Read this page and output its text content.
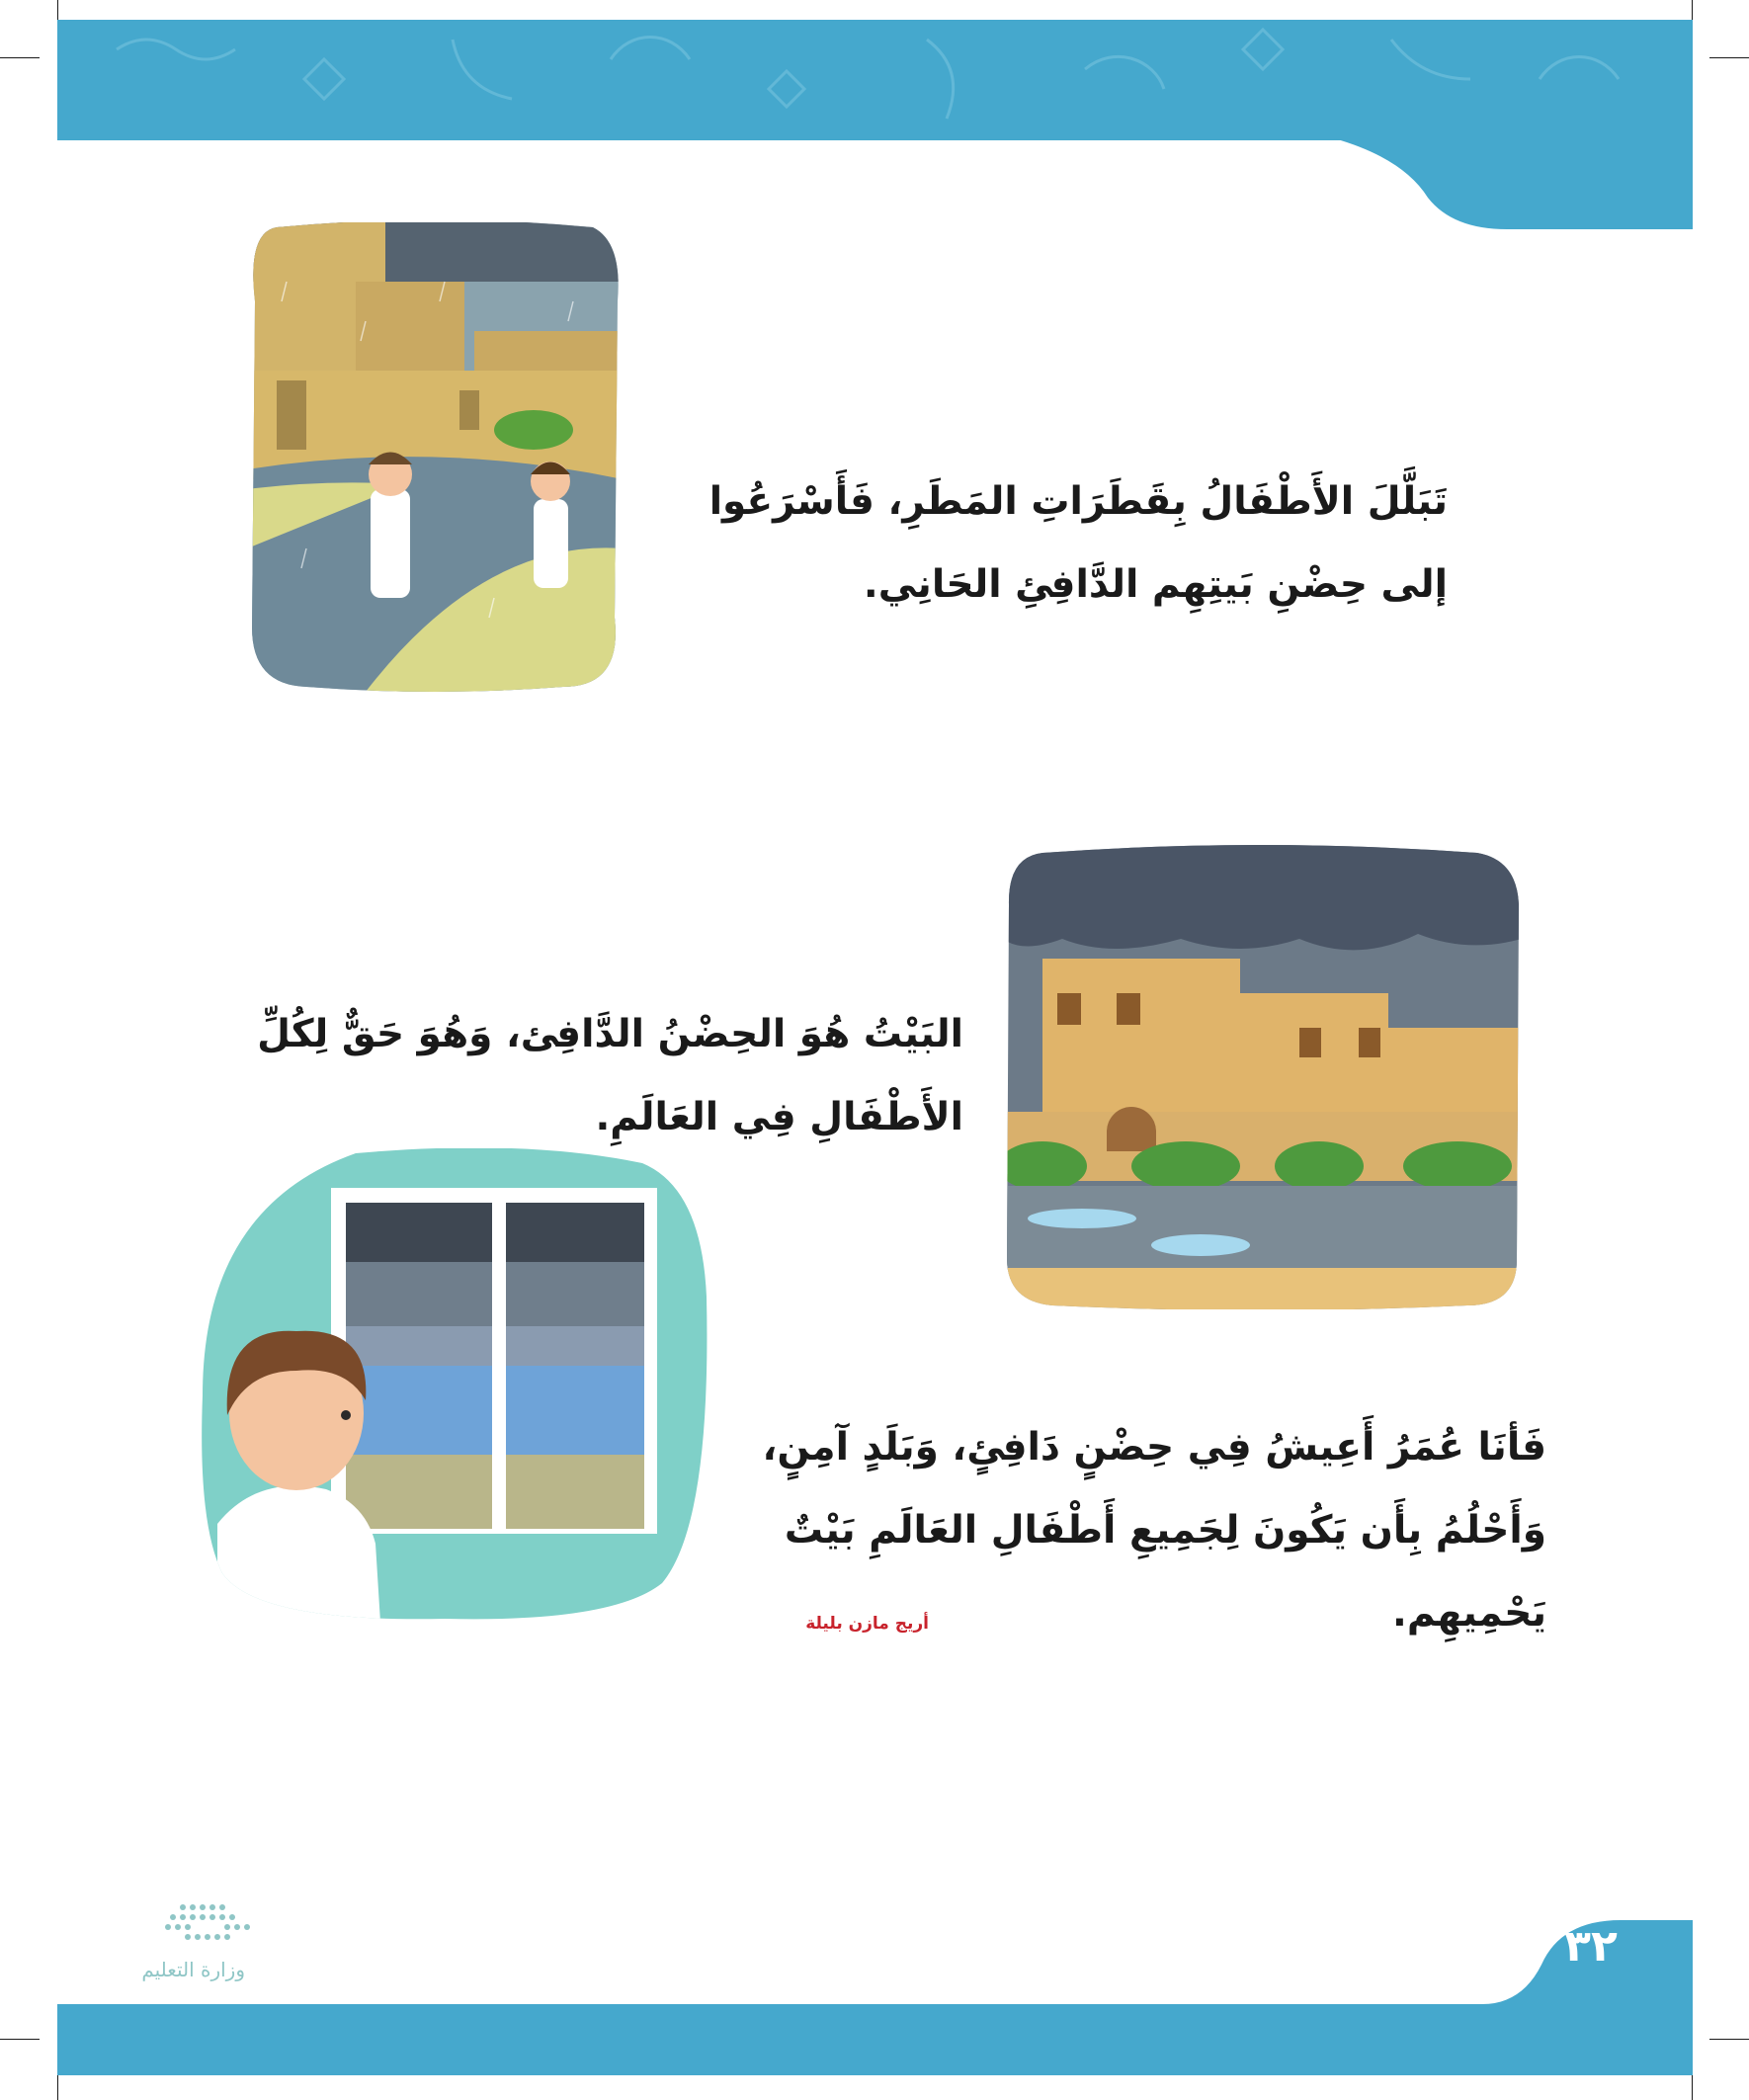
تَبَلَّلَ الأَطْفَالُ بِقَطَرَاتِ المَطَرِ، فَأَسْرَعُوا إلى حِضْنِ بَيتِهِم الدَّافِئِ الحَانِي.
البَيْتُ هُوَ الحِضْنُ الدَّافِئ، وَهُوَ حَقٌّ لِكُلِّ الأَطْفَالِ فِي العَالَمِ.
فَأنَا عُمَرُ أَعِيشُ فِي حِضْنٍ دَافِئٍ، وَبَلَدٍ آمِنٍ، وَأَحْلُمُ بِأَن يَكُونَ لِجَمِيعِ أَطْفَالِ العَالَمِ بَيْتٌ يَحْمِيهِم.
أريج مازن بليلة
وزارة التعليم	٣٢
